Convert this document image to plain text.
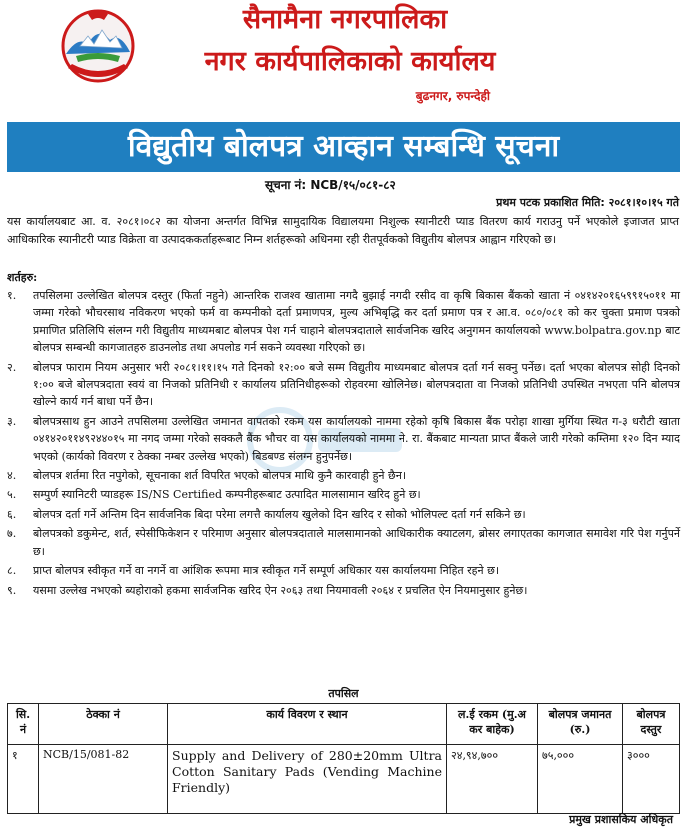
सैनामैना नगरपालिका
नगर कार्यपालिकाको कार्यालय
बुढनगर, रुपन्देही
विद्युतीय बोलपत्र आव्हान सम्बन्धि सूचना
सूचना नं: NCB/१५/०८१-८२
प्रथम पटक प्रकाशित मिति: २०८१।१०।१५ गते
यस कार्यालयबाट आ. व. २०८१।०८२ का योजना अन्तर्गत विभिन्न सामुदायिक विद्यालयमा निशुल्क स्यानीटरी प्याड वितरण कार्य गराउनु पर्ने भएकोले इजाजत प्राप्त आधिकारिक स्यानीटरी प्याड विक्रेता वा उत्पादककर्ताहरूबाट निम्न शर्तहरूको अधिनमा रही रीतपूर्वकको विद्युतीय बोलपत्र आह्वान गरिएको छ।
शर्तहरु:
१.	तपसिलमा उल्लेखित बोलपत्र दस्तुर (फिर्ता नहुने) आन्तरिक राजश्व खातामा नगदै बुझाई नगदी रसीद वा कृषि बिकास बैंकको खाता नं ०४१४२०१६५९९१५०११ मा जम्मा गरेको भौचरसाथ नविकरण भएको फर्म वा कम्पनीको दर्ता प्रमाणपत्र, मुल्य अभिबृद्धि कर दर्ता प्रमाण पत्र र आ.व. ०८०/०८१ को कर चुक्ता प्रमाण पत्रको प्रमाणित प्रतिलिपि संलग्न गरी विद्युतीय माध्यमबाट बोलपत्र पेश गर्न चाहाने बोलपत्रदाताले सार्वजनिक खरिद अनुगमन कार्यालयको www.bolpatra.gov.np बाट बोलपत्र सम्बन्धी कागजातहरु डाउनलोड तथा अपलोड गर्न सकने व्यवस्था गरिएको छ।
२.	बोलपत्र फाराम नियम अनुसार भरी २०८१।११।१५ गते दिनको १२:०० बजे सम्म विद्युतीय माध्यमबाट बोलपत्र दर्ता गर्न सक्नु पर्नेछ। दर्ता भएका बोलपत्र सोही दिनको १:०० बजे बोलपत्रदाता स्वयं वा निजको प्रतिनिधी र कार्यालय प्रतिनिधीहरूको रोहवरमा खोलिनेछ। बोलपत्रदाता वा निजको प्रतिनिधी उपस्थित नभएता पनि बोलपत्र खोल्ने कार्य गर्न बाधा पर्ने छैन।
३.	बोलपत्रसाथ हुन आउने तपसिलमा उल्लेखित जमानत वापतको रकम यस कार्यालयको नाममा रहेको कृषि बिकास बैंक परोहा शाखा मुर्गिया स्थित ग-३ धरौटी खाता ०४१४२०११४९२४४०१५ मा नगद जम्मा गरेको सक्कलै बैंक भौचर वा यस कार्यालयको नाममा ने. रा. बैंकबाट मान्यता प्राप्त बैंकले जारी गरेको कम्तिमा १२० दिन म्याद भएको (कार्यको विवरण र ठेक्का नम्बर उल्लेख भएको) बिडबण्ड संलग्न हुनुपर्नेछ।
४.	बोलपत्र शर्तमा रित नपुगेको, सूचनाका शर्त विपरित भएको बोलपत्र माथि कुनै कारवाही हुने छैन।
५.	सम्पुर्ण स्यानिटरी प्याडहरू IS/NS Certified कम्पनीहरूबाट उत्पादित मालसामान खरिद हुने छ।
६.	बोलपत्र दर्ता गर्ने अन्तिम दिन सार्वजनिक बिदा परेमा लगत्तै कार्यालय खुलेको दिन खरिद र सोको भोलिपल्ट दर्ता गर्न सकिने छ।
७.	बोलपत्रको डकुमेन्ट, शर्त, स्पेसीफिकेशन र परिमाण अनुसार बोलपत्रदाताले मालसामानको आधिकारीक क्याटलग, ब्रोसर लगाएतका कागजात समावेश गरि पेश गर्नुपर्ने छ।
८.	प्राप्त बोलपत्र स्वीकृत गर्ने वा नगर्ने वा आंशिक रूपमा मात्र स्वीकृत गर्ने सम्पूर्ण अधिकार यस कार्यालयमा निहित रहने छ।
९.	यसमा उल्लेख नभएको ब्यहोराको हकमा सार्वजनिक खरिद ऐन २०६३ तथा नियमावली २०६४ र प्रचलित ऐन नियमानुसार हुनेछ।
तपसिल
सि. नं	ठेक्का नं	कार्य विवरण र स्थान	ल.ई रकम (मु.अ कर बाहेक)	बोलपत्र जमानत (रु.)	बोलपत्र दस्तुर
१	NCB/15/081-82	Supply and Delivery of 280±20mm Ultra Cotton Sanitary Pads (Vending Machine Friendly)	२४,९४,७००	७५,०००	३०००
प्रमुख प्रशासकिय अधिकृत
